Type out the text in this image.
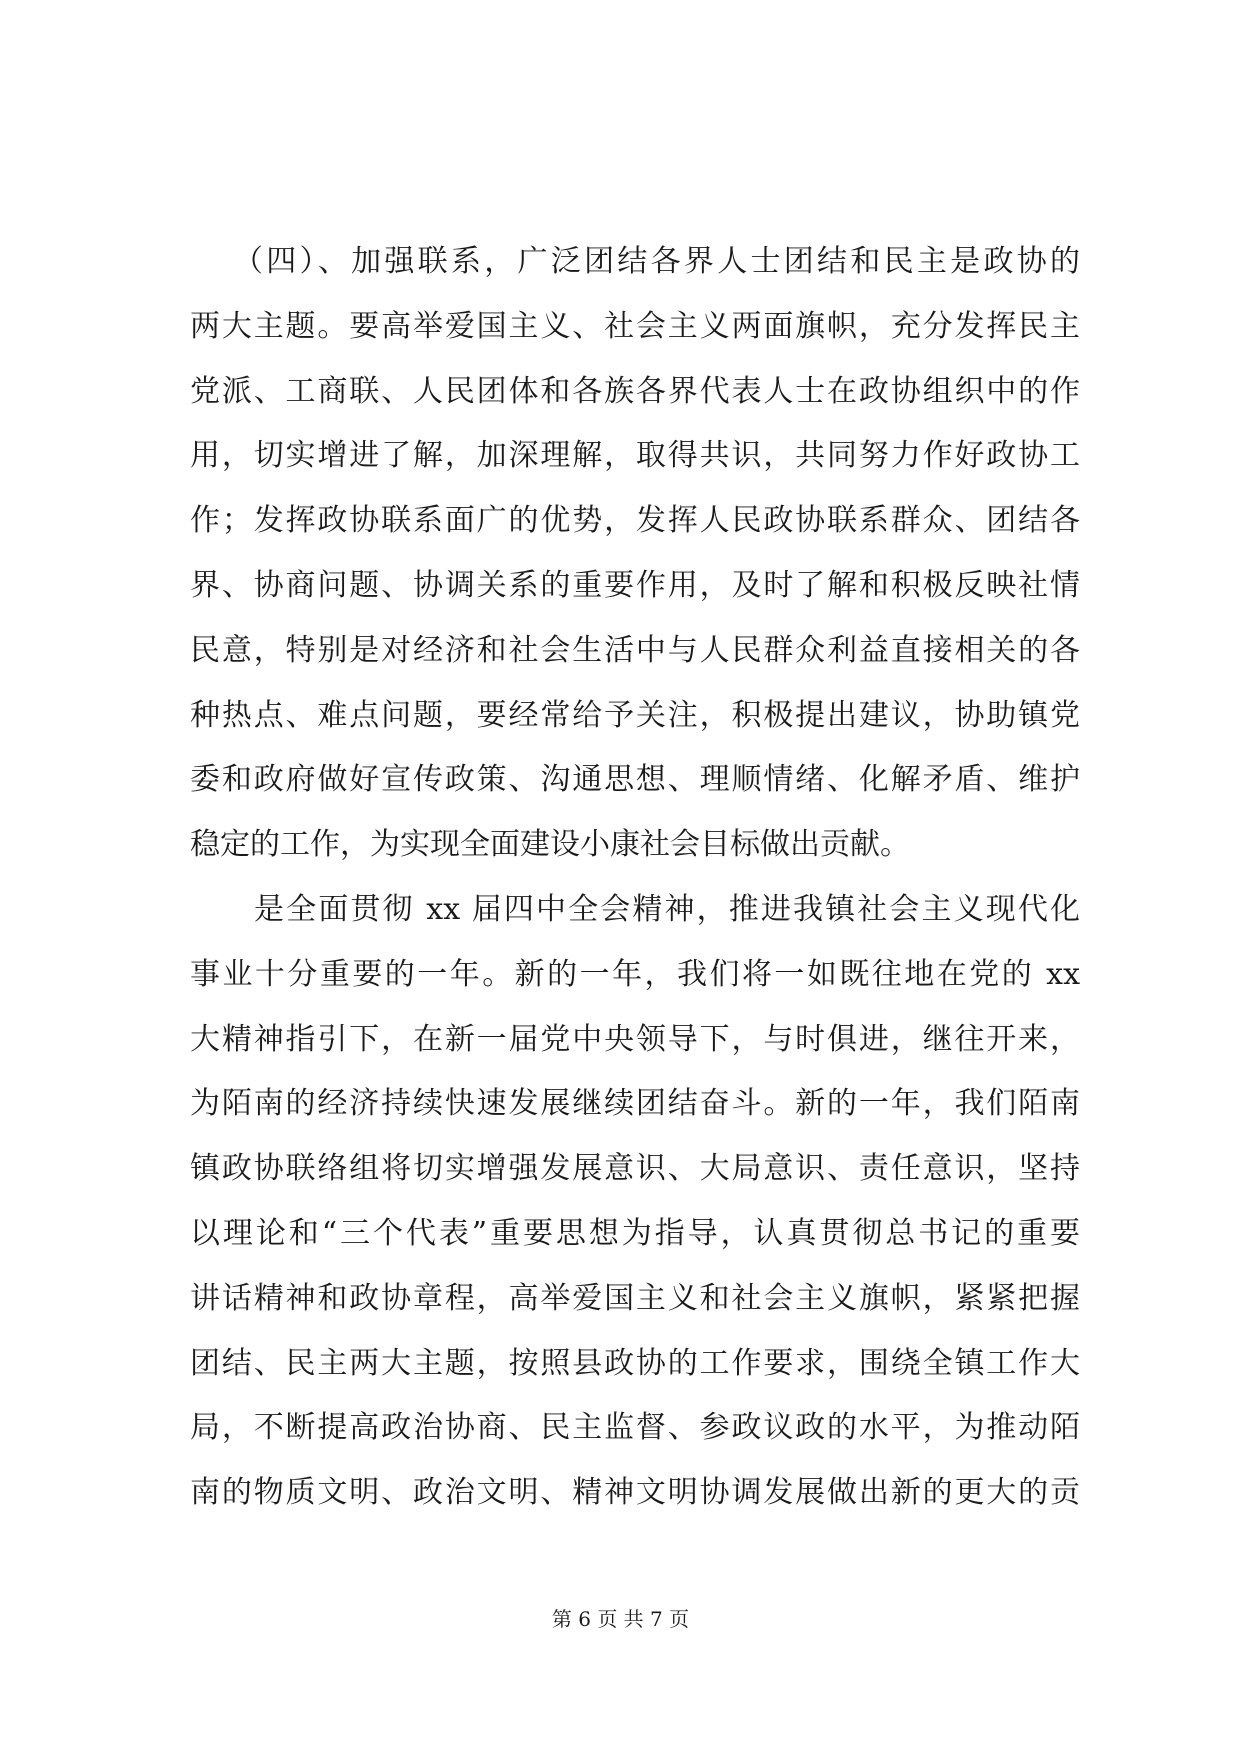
（四）、加强联系，广泛团结各界人士团结和民主是政协的
两大主题。要高举爱国主义、社会主义两面旗帜，充分发挥民主
党派、工商联、人民团体和各族各界代表人士在政协组织中的作
用，切实增进了解，加深理解，取得共识，共同努力作好政协工
作；发挥政协联系面广的优势，发挥人民政协联系群众、团结各
界、协商问题、协调关系的重要作用，及时了解和积极反映社情
民意，特别是对经济和社会生活中与人民群众利益直接相关的各
种热点、难点问题，要经常给予关注，积极提出建议，协助镇党
委和政府做好宣传政策、沟通思想、理顺情绪、化解矛盾、维护
稳定的工作，为实现全面建设小康社会目标做出贡献。
是全面贯彻 xx 届四中全会精神，推进我镇社会主义现代化
事业十分重要的一年。新的一年，我们将一如既往地在党的 xx
大精神指引下，在新一届党中央领导下，与时俱进，继往开来，
为陌南的经济持续快速发展继续团结奋斗。新的一年，我们陌南
镇政协联络组将切实增强发展意识、大局意识、责任意识，坚持
以理论和“三个代表”重要思想为指导，认真贯彻总书记的重要
讲话精神和政协章程，高举爱国主义和社会主义旗帜，紧紧把握
团结、民主两大主题，按照县政协的工作要求，围绕全镇工作大
局，不断提高政治协商、民主监督、参政议政的水平，为推动陌
南的物质文明、政治文明、精神文明协调发展做出新的更大的贡
第 6 页 共 7 页
